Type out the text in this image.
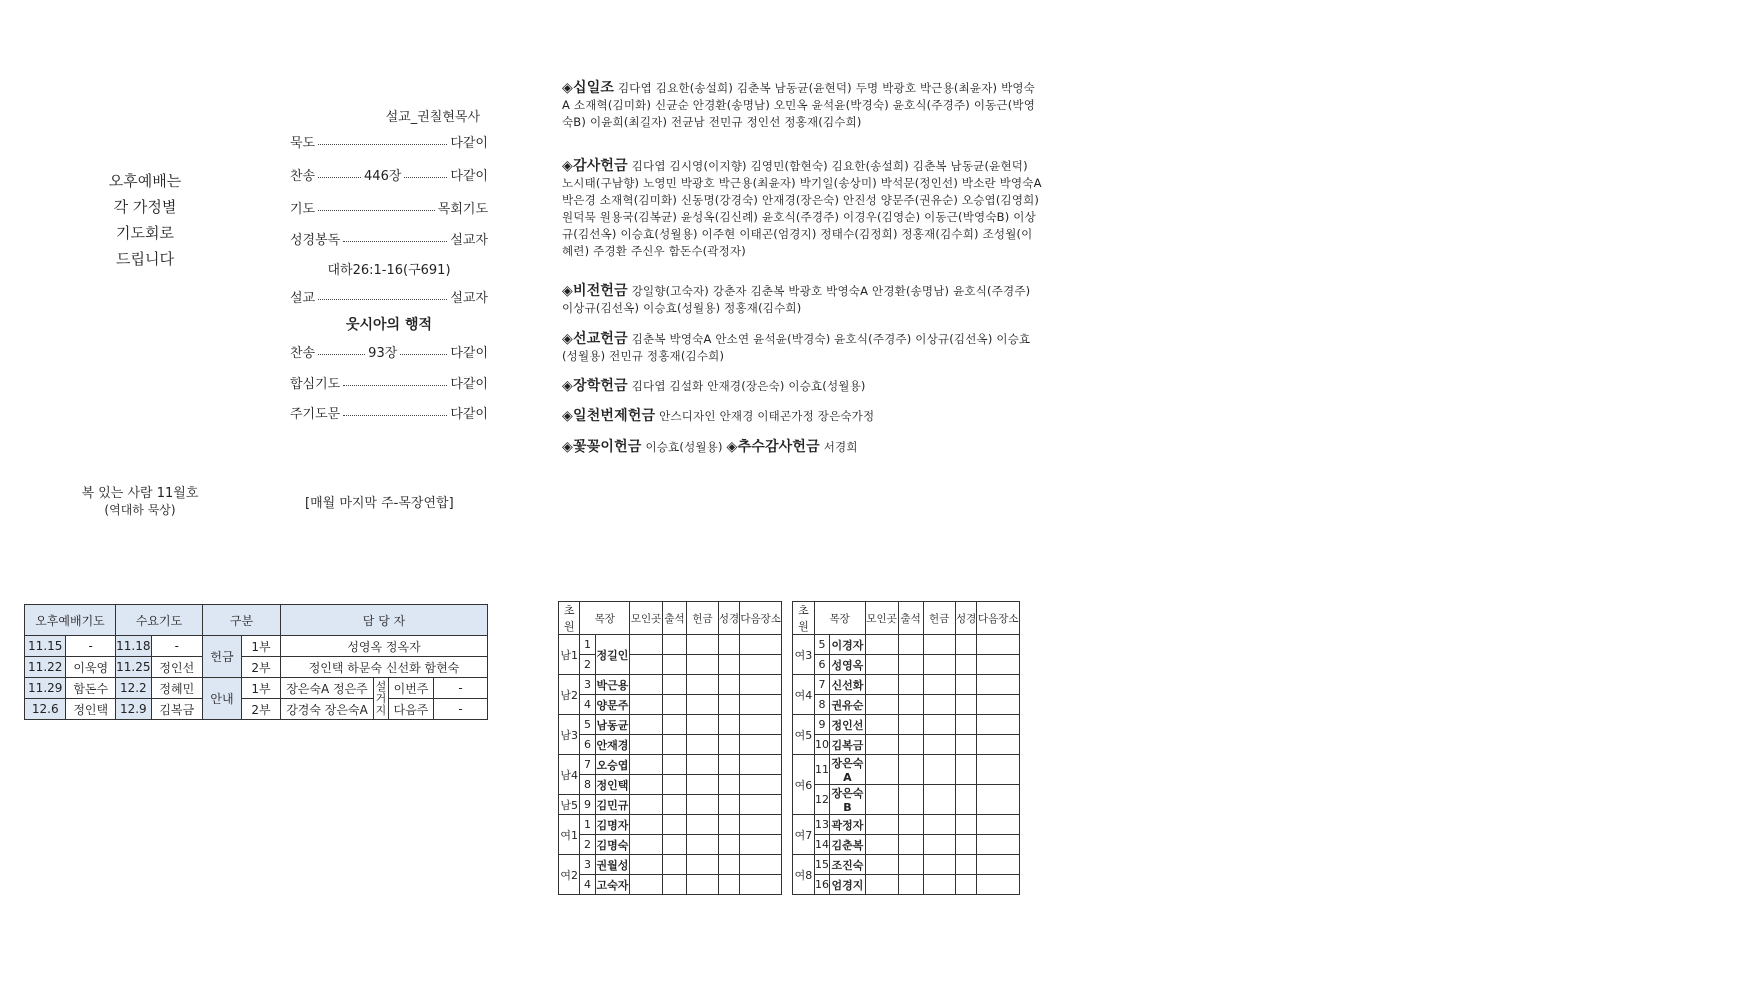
오후예배는
각 가정별
기도회로
드립니다
설교_권칠현목사
묵도	다같이
찬송	446장	다같이
기도	목회기도
성경봉독	설교자
대하26:1-16(구691)
설교	설교자
웃시아의 행적
찬송	93장	다같이
합심기도	다같이
주기도문	다같이
복 있는 사람 11월호
(역대하 묵상)	[매월 마지막 주-목장연합]
◈십일조 김다엽 김요한(송설희) 김춘복 남동균(윤현덕) 두명 박광호 박근용(최윤자) 박영숙A 소재혁(김미화) 신균순 안경환(송명남) 오민옥 윤석윤(박경숙) 윤호식(주경주) 이동근(박영숙B) 이윤희(최길자) 전균남 전민규 정인선 정홍재(김수희)
◈감사헌금 김다엽 김시영(이지향) 김영민(함현숙) 김요한(송설희) 김춘복 남동균(윤현덕) 노시태(구남향) 노영민 박광호 박근용(최윤자) 박기일(송상미) 박석문(정인선) 박소란 박영숙A 박은경 소재혁(김미화) 신동명(강경숙) 안재경(장은숙) 안진성 양문주(권유순) 오승엽(김영희) 원덕묵 원용국(김복균) 윤성옥(김신례) 윤호식(주경주) 이경우(김영순) 이동근(박영숙B) 이상규(김선옥) 이승효(성월용) 이주현 이태곤(엄경지) 정태수(김정희) 정홍재(김수희) 조성월(이혜련) 주경환 주신우 함돈수(곽정자)
◈비전헌금 강일향(고숙자) 강춘자 김춘복 박광호 박영숙A 안경환(송명남) 윤호식(주경주) 이상규(김선옥) 이승효(성월용) 정홍재(김수희)
◈선교헌금 김춘복 박영숙A 안소연 윤석윤(박경숙) 윤호식(주경주) 이상규(김선옥) 이승효(성월용) 전민규 정홍재(김수희)
◈장학헌금 김다엽 김설화 안재경(장은숙) 이승효(성월용)
◈일천번제헌금 안스디자인 안재경 이태곤가정 장은숙가정
◈꽃꽂이헌금 이승효(성월용) ◈추수감사헌금 서경희
오후예배기도		수요기도		구분		담 당 자			
11.15	-	11.18	-	헌금	1부	성영옥 정옥자			
11.22	이욱영	11.25	정인선		2부	정인택 하문숙 신선화 함현숙			
11.29	함돈수	12.2	정혜민	안내	1부	장은숙A 정은주	설거지	이번주	-
12.6	정인택	12.9	김복금		2부	강경숙 장은숙A		다음주	-
초원	목장		모인곳	출석	헌금	성경	다음장소
남1	1	정길인					
	2						
남2	3	박근용					
	4	양문주					
남3	5	남동균					
	6	안재경					
남4	7	오승엽					
	8	정인택					
남5	9	김민규					
여1	1	김명자					
	2	김명숙					
여2	3	권월성					
	4	고숙자					
초원	목장		모인곳	출석	헌금	성경	다음장소
여3	5	이경자					
	6	성영옥					
여4	7	신선화					
	8	권유순					
여5	9	정인선					
	10	김복금					
여6	11	장은숙A					
	12	장은숙B					
여7	13	곽정자					
	14	김춘복					
여8	15	조진숙					
	16	엄경지					
